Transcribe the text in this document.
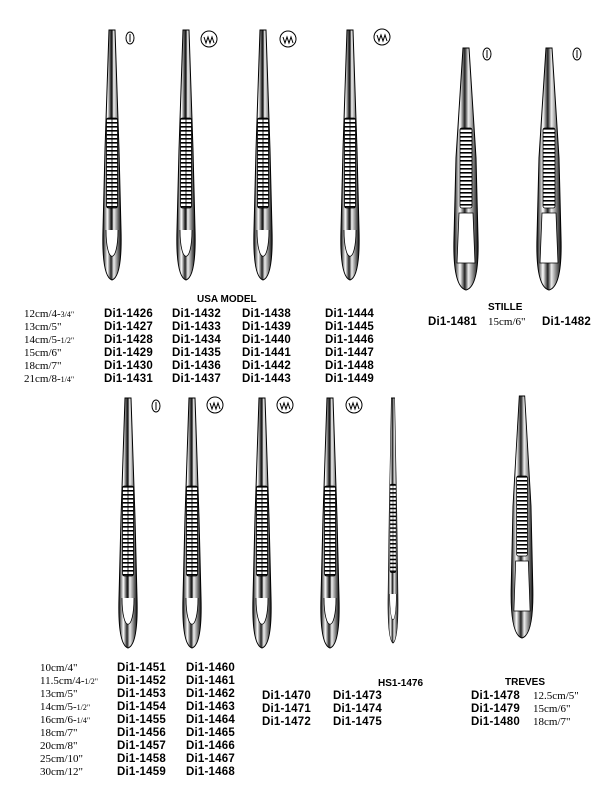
USA MODEL
12cm/4-3/4"
13cm/5"
14cm/5-1/2"
15cm/6"
18cm/7"
21cm/8-1/4"
Di1-1426
Di1-1427
Di1-1428
Di1-1429
Di1-1430
Di1-1431
Di1-1432
Di1-1433
Di1-1434
Di1-1435
Di1-1436
Di1-1437
Di1-1438
Di1-1439
Di1-1440
Di1-1441
Di1-1442
Di1-1443
Di1-1444
Di1-1445
Di1-1446
Di1-1447
Di1-1448
Di1-1449
STILLE
Di1-1481 15cm/6" Di1-1482
10cm/4"
11.5cm/4-1/2"
13cm/5"
14cm/5-1/2"
16cm/6-1/4"
18cm/7"
20cm/8"
25cm/10"
30cm/12"
Di1-1451
Di1-1452
Di1-1453
Di1-1454
Di1-1455
Di1-1456
Di1-1457
Di1-1458
Di1-1459
Di1-1460
Di1-1461
Di1-1462
Di1-1463
Di1-1464
Di1-1465
Di1-1466
Di1-1467
Di1-1468
HS1-1476
Di1-1470
Di1-1471
Di1-1472
Di1-1473
Di1-1474
Di1-1475
TREVES
Di1-1478
Di1-1479
Di1-1480
12.5cm/5"
15cm/6"
18cm/7"
